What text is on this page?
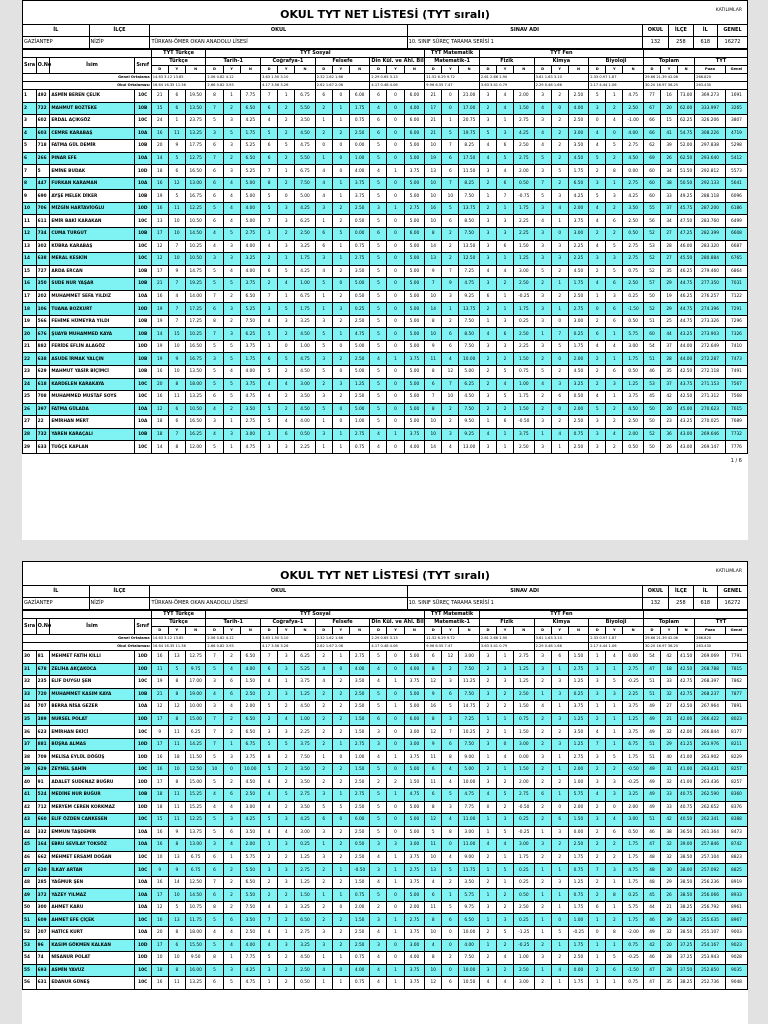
OKUL TYT NET LİSTESİ (TYT sıralı)
İL	İLÇE	OKUL	SINAV ADI	OKUL	İLÇE	İL	GENEL
GAZİANTEP	NİZİP	TÜRKAN-ÖMER OKAN ANADOLU LİSESİ	10. SINIF SÜREÇ TARAMA SERİSİ 1	132	258	618	16272
				TYT Türkçe			TYT Sosyal												TYT Matematik			TYT Fen													
Sıra	O.No	İsim	Sınıf	Türkçe			Tarih-1			Coğrafya-1			Felsefe			Din Kül. ve Ahl. Bil.			Matematik-1			Fizik			Kimya			Biyoloji			Toplam			TYT	
				D	Y	N	D	Y	N	D	Y	N	D	Y	N	D	Y	N	D	Y	N	D	Y	N	D	Y	N	D	Y	N	D	Y	N	Puan	Genel
Genel Ortalama				14.63 3.12 13.85			2.06 0.82 4.12			3.63 1.50 3.10			2.32 1.62 1.66			2.29 0.65 3.13			11.52 6.29 9.72			2.61 2.66 1.90			3.61 1.63 3.10			2.33 0.97 1.87			29.66 21.39 42.06			266.820	
Okul Ortalaması				16.64 16.35 11.36			2.66 0.82 3.93			4.17 3.56 3.26			2.62 1.67 2.06			4.17 0.48 4.06			9.96 6.55 7.47			3.63 3.41 0.79			2.29 0.48 1.66			2.17 4.44 1.06			30.20 16.97 36.25			263.430	
1	492	ASMİN BEREN ÇELİK	10C	21	6	19.50	8	1	7.75	7	1	6.75	6	0	6.00	6	0	6.00	21	0	21.00	3	4	2.00	3	2	2.50	5	1	4.75	77	16	73.00	369.273	1691
2	722	MAHMUT BOZTEKE	10B	15	6	13.50	7	2	6.50	6	2	5.50	2	1	1.75	4	0	4.00	17	0	17.00	2	4	1.50	4	0	4.00	3	2	2.50	67	20	62.00	333.997	3265
3	602	ERDAL AÇIKGÖZ	10C	24	1	23.75	5	3	4.25	4	2	3.50	1	1	0.75	6	0	6.00	21	1	20.75	3	1	2.75	3	2	2.50	0	4	-1.00	66	15	62.25	326.206	3807
4	603	CEMRE KARABAŞ	10A	16	11	13.25	3	5	1.75	5	2	4.50	2	2	2.50	6	0	6.00	21	5	19.75	5	3	4.25	4	2	3.00	4	0	4.00	66	41	54.75	308.226	4719
5	718	FATMA GÜL DEMİR	10B	20	9	17.75	6	3	5.25	6	5	4.75	0	0	0.00	5	0	5.00	10	7	8.25	4	6	2.50	4	2	3.50	4	5	2.75	62	39	52.00	297.838	5298
6	266	PINAR EFE	10A	14	5	12.75	7	2	6.50	6	2	5.50	1	0	1.00	5	0	5.00	19	6	17.50	4	5	2.75	5	2	4.50	5	2	4.50	69	26	62.50	293.640	5412
7	5	EMİNE BUDAK	10D	18	6	16.50	6	3	5.25	7	1	6.75	4	0	4.00	4	1	3.75	13	6	11.50	3	4	2.00	3	5	1.75	2	8	0.00	60	34	51.50	292.812	5573
8	447	FURKAN KARAMAN	10A	16	12	13.00	6	4	5.00	8	2	7.50	4	1	3.75	5	0	5.00	10	7	8.25	2	6	0.50	7	2	6.50	3	1	2.75	60	38	50.50	292.133	5641
9	690	AYŞE MELEK DİKER	10B	19	5	16.75	6	4	5.00	5	0	5.00	4	1	3.75	5	0	5.00	10	10	7.50	1	7	-0.75	5	3	4.25	5	3	4.25	60	33	49.25	288.118	6096
10	706	MİZGİN HARTAVİOĞLU	10D	16	11	12.25	5	4	4.00	5	3	4.25	3	2	2.50	3	1	2.75	16	5	13.75	2	1	1.75	3	4	2.00	4	2	3.50	55	37	45.75	287.200	6186
11	611	EMİR BAKİ KARAKAN	10C	13	10	10.50	6	4	5.00	7	3	6.25	1	2	0.50	5	0	5.00	10	6	8.50	3	3	2.25	4	1	3.75	4	6	2.50	56	34	47.50	283.760	6499
12	734	CUMA TURGUT	10B	17	10	14.50	4	5	2.75	3	2	2.50	6	5	0.00	6	0	6.00	8	2	7.50	3	3	2.25	3	0	3.00	2	2	0.50	52	27	47.25	282.399	6608
13	302	KÜBRA KARABAŞ	10C	12	7	10.25	4	3	4.00	4	3	3.25	6	1	0.75	5	0	5.00	14	2	13.50	3	6	1.50	3	3	2.25	4	5	2.75	53	28	46.00	283.320	6687
14	638	MERAL KESKİN	10C	12	10	10.50	3	3	3.25	2	1	1.75	3	1	2.75	5	0	5.00	13	2	12.50	3	1	1.25	3	3	2.25	3	3	2.75	52	27	45.50	280.884	6765
15	727	ARDA ERCAN	10B	17	9	14.75	5	4	4.00	6	5	4.25	4	2	3.50	5	0	5.00	9	7	7.25	4	4	3.00	5	2	4.50	2	5	0.75	52	35	46.25	279.460	6864
16	350	SUDE NUR YAŞAR	10B	21	7	19.25	5	5	3.75	2	4	1.00	5	0	5.00	5	0	5.00	7	9	4.75	3	2	2.50	2	1	1.75	4	6	2.50	57	29	44.75	277.350	7031
17	202	MUHAMMET SEFA YILDIZ	10A	16	4	14.00	7	2	6.50	7	1	6.75	1	2	0.50	5	0	5.00	10	3	9.25	6	1	-0.25	3	2	2.50	1	3	0.25	50	19	46.25	276.257	7122
18	106	TUANA BOZKURT	10D	19	7	17.25	6	3	5.25	3	5	1.75	1	3	0.25	5	0	5.00	14	1	13.75	2	1	1.75	3	1	2.75	0	6	-1.50	52	29	44.75	274.396	7291
19	566	FEHİME HÜMEYRA YILDI	10B	19	7	17.25	8	2	7.50	4	3	3.25	3	2	2.50	5	0	5.00	8	2	7.50	1	3	0.25	3	0	3.00	2	6	0.50	51	25	44.75	273.326	7296
20	676	ŞUAYB MUHAMMED KAYA	10B	14	15	10.25	7	3	6.25	5	2	4.50	5	1	4.75	5	0	5.00	10	6	8.50	4	6	2.50	1	7	0.25	6	1	5.75	60	44	43.25	273.903	7326
21	882	FERİDE EFLİN ALAGÖZ	10D	19	10	16.50	5	5	3.75	1	0	1.00	5	0	5.00	5	0	5.00	9	6	7.50	3	3	2.25	3	5	1.75	4	4	3.00	54	37	44.00	272.649	7410
22	638	ASUDE İRMAK YALÇIN	10B	19	9	16.75	3	5	1.75	6	5	4.75	3	2	2.50	4	1	3.75	11	4	10.00	2	2	1.50	2	0	2.00	2	1	1.75	51	28	44.00	272.287	7473
23	629	MAHMUT YASİR BİÇİMCİ	10B	16	10	13.50	5	4	4.00	5	2	4.50	5	0	5.00	5	0	5.00	8	12	5.00	2	5	0.75	5	2	4.50	2	6	0.50	46	35	42.50	272.118	7491
24	618	KARDELEN KARAKAYA	10C	20	8	18.00	5	5	3.75	4	4	3.00	2	3	1.25	5	0	5.00	6	7	6.25	2	4	1.00	4	3	3.25	2	3	1.25	53	37	43.75	271.153	7567
25	708	MUHAMMED MUSTAF SOYS	10C	16	11	13.25	6	5	4.75	4	2	3.50	3	2	2.50	5	0	5.00	7	10	4.50	3	5	1.75	2	6	0.50	4	1	3.75	45	42	42.50	271.312	7568
26	397	FATMA GÜLADA	10A	12	6	10.50	4	2	3.50	5	2	4.50	5	0	5.00	5	0	5.00	8	2	7.50	2	2	1.50	2	0	2.00	5	2	4.50	50	20	45.00	270.623	7615
27	22	EMİRHAN MERT	10A	18	6	16.50	3	1	2.75	5	4	4.00	1	0	1.00	5	0	5.00	10	2	9.50	1	6	-0.50	3	2	2.50	3	2	2.50	50	23	43.25	270.025	7689
28	732	YAREN KARAÇALI	10B	18	7	16.25	4	3	3.00	3	6	0.50	3	1	2.75	4	1	3.75	10	3	9.25	4	1	3.75	1	4	0.75	3	4	2.00	52	36	43.00	269.646	7732
29	633	TUĞÇE KAPLAN	10C	14	8	12.00	5	1	4.75	3	3	2.25	1	1	0.75	4	0	4.00	14	4	13.00	3	1	2.50	3	1	2.50	3	2	0.50	50	26	43.00	269.147	7776
1 / 6
KATILIMLAR
OKUL TYT NET LİSTESİ (TYT sıralı)
İL	İLÇE	OKUL	SINAV ADI	OKUL	İLÇE	İL	GENEL
GAZİANTEP	NİZİP	TÜRKAN-ÖMER OKAN ANADOLU LİSESİ	10. SINIF SÜREÇ TARAMA SERİSİ 1	132	258	618	16272
				TYT Türkçe			TYT Sosyal												TYT Matematik			TYT Fen													
Sıra	O.No	İsim	Sınıf	Türkçe			Tarih-1			Coğrafya-1			Felsefe			Din Kül. ve Ahl. Bil.			Matematik-1			Fizik			Kimya			Biyoloji			Toplam			TYT	
				D	Y	N	D	Y	N	D	Y	N	D	Y	N	D	Y	N	D	Y	N	D	Y	N	D	Y	N	D	Y	N	D	Y	N	Puan	Genel
Genel Ortalama				14.63 3.12 13.85			2.06 0.82 4.12			3.63 1.50 3.10			2.32 1.62 1.66			2.29 0.65 3.13			11.52 6.29 9.72			2.61 2.66 1.90			3.61 1.63 3.10			2.33 0.97 1.87			29.66 21.39 42.06			266.820	
Okul Ortalaması				16.64 16.35 11.36			2.66 0.82 3.93			4.17 3.56 3.26			2.62 1.67 2.06			4.17 0.48 4.06			9.96 6.55 7.47			3.63 3.41 0.79			2.29 0.48 1.66			2.17 4.44 1.06			30.20 16.97 36.25			263.430	
30	81	MEHMET FATİH KILLI	10D	16	13	12.75	7	2	6.50	7	3	6.25	2	1	2.75	5	0	5.00	6	12	3.00	3	1	2.75	3	6	1.50	1	4	0.00	54	42	41.50	269.069	7791
31	678	ZELİHA AKÇAKOCA	10D	11	5	9.75	5	4	4.00	6	3	5.25	4	0	4.00	4	0	4.00	8	2	7.50	2	3	1.25	3	1	2.75	3	1	2.75	47	18	42.50	268.788	7815
32	235	ELİF DUYGU ŞEN	10C	19	8	17.00	3	6	1.50	4	1	3.75	4	2	3.50	4	1	3.75	12	3	11.25	2	3	1.25	2	3	1.25	3	5	-0.25	51	33	42.75	268.397	7862
33	720	MUHAMMET KASIM KAYA	10B	21	8	19.00	4	6	2.50	2	3	1.25	2	2	2.50	5	0	5.00	9	6	7.50	3	2	2.50	1	3	0.25	3	3	2.25	51	32	42.75	268.237	7877
34	707	BERRA NİSA GEZER	10A	12	12	10.00	3	4	2.00	5	2	4.50	2	2	2.50	5	1	5.00	16	5	14.75	2	2	1.50	4	1	3.75	1	1	3.75	49	27	42.50	267.964	7891
35	389	NURSEL POLAT	10D	17	8	15.00	7	2	6.50	2	4	1.00	2	2	1.50	6	0	6.00	8	3	7.25	1	1	0.75	2	3	1.25	2	1	1.25	49	21	42.00	266.422	8023
36	623	EMİRHAN EKİCİ	10C	9	11	6.25	7	2	6.50	3	3	2.25	2	2	1.50	3	0	3.00	12	7	10.25	2	1	1.50	2	2	3.50	4	1	3.75	49	32	42.00	266.844	8177
37	881	BÜŞRA ALMAS	10D	17	11	14.25	7	1	6.75	5	5	3.75	2	1	2.75	3	0	3.00	9	6	7.50	3	0	3.00	2	3	1.25	7	1	6.75	51	29	41.25	263.976	8211
38	709	MELİSA EYLÜL DÖĞÜŞ	10D	16	18	11.50	5	3	3.75	8	2	7.50	1	0	1.00	4	1	3.75	11	8	9.00	1	4	0.00	3	1	2.75	3	5	1.75	51	40	41.00	263.902	8229
39	629	ZEYNEL ŞAHİN	10C	16	10	12.50	10	0	10.00	5	2	3.50	2	2	1.50	5	0	5.00	6	4	5.00	2	1	1.50	2	1	2.00	2	2	-0.50	49	31	41.00	263.431	8257
40	91	ADALET SUDENAZ BUĞRU	10D	17	8	15.00	5	2	4.50	4	2	3.50	2	2	2.50	2	2	1.50	11	4	10.00	3	2	2.00	2	2	1.00	3	3	-0.25	49	32	41.00	263.436	8257
41	524	MEDİNE NUR BUĞUR	10B	18	11	15.25	4	6	2.50	4	5	2.75	3	1	2.75	5	1	4.75	6	5	4.75	4	5	2.75	6	1	5.75	4	3	3.25	49	33	40.75	262.590	8360
42	712	MERYEM CEREN KORKMAZ	10D	18	11	15.25	4	4	3.00	4	2	3.50	5	5	2.50	5	0	5.00	8	3	7.75	0	2	-0.50	2	0	2.00	2	0	2.00	49	33	40.75	262.652	8376
43	660	ELİF ÖZDEN CANKESEN	10C	15	11	12.25	5	3	4.25	5	3	4.25	6	0	6.00	5	0	5.00	12	4	11.00	1	3	0.25	2	6	1.50	3	4	3.00	51	42	40.50	262.341	8388
44	332	EMMUN TAŞDEMİR	10A	16	9	13.75	5	6	3.50	4	4	3.00	3	2	2.50	5	0	5.00	5	8	3.00	1	5	-0.25	1	3	0.00	2	6	0.50	46	38	36.50	261.364	8473
45	164	EBRU SEVİLAY TOKSÖZ	10A	16	8	13.00	3	4	2.00	1	3	0.25	1	2	0.50	3	3	3.00	11	0	11.00	4	4	3.00	3	2	2.50	2	2	1.75	47	32	39.00	257.846	8742
46	662	MEHMET ERSAMİ DOĞAN	10C	10	13	6.75	6	1	5.75	2	2	1.25	3	2	2.50	4	1	3.75	10	4	9.00	2	1	1.75	2	2	1.75	2	2	1.75	48	32	38.50	257.104	8823
47	620	İLKAY ARTAN	10C	9	9	6.75	6	2	5.50	3	3	2.75	2	1	-0.50	3	1	2.75	13	5	11.75	1	5	0.25	1	1	0.75	7	3	4.75	48	30	38.00	257.092	8825
48	285	YAĞMUR ŞEN	10A	16	14	12.50	7	2	6.50	2	3	1.25	2	2	1.50	4	1	3.75	4	2	3.50	2	1	0.25	2	3	1.25	2	1	1.75	48	29	38.50	256.236	8919
49	372	YAZEY YILMAZ	10A	17	10	14.50	6	2	5.50	2	2	1.50	1	1	0.75	5	0	5.00	6	1	5.75	1	2	0.50	1	1	0.75	2	8	0.25	45	26	38.50	256.066	8933
50	300	AHMET KARU	10A	12	5	10.75	8	2	7.50	4	3	3.25	2	0	2.00	2	0	2.00	11	5	9.75	3	2	2.50	2	1	1.75	6	1	5.75	44	21	38.25	256.792	8961
51	609	AHMET EFE ÇİÇEK	10C	16	13	11.75	5	6	3.50	7	2	6.50	2	2	1.50	3	1	2.75	8	6	6.50	1	3	0.25	1	0	1.00	1	2	1.75	46	39	38.25	255.635	8967
52	207	HATİCE KURT	10A	20	8	18.00	4	4	2.50	4	1	2.75	3	2	2.50	4	1	3.75	10	0	10.00	2	5	-1.25	1	5	-0.25	0	8	-2.00	49	32	38.50	255.107	9003
53	96	KASIM GÖKMEN KALKAN	10D	17	6	15.50	5	4	4.00	4	3	3.25	3	2	2.50	3	0	3.00	4	0	4.00	1	2	-0.25	2	1	1.75	1	1	0.75	42	20	37.25	254.167	9023
54	74	NİSANUR POLAT	10D	10	10	9.50	8	1	7.75	5	2	4.50	1	1	0.75	4	0	4.00	8	2	7.50	2	4	1.00	3	2	2.50	1	5	-0.25	46	28	37.25	253.943	9028
55	693	ASMİN YAVUZ	10C	18	8	16.00	5	3	4.25	3	2	2.50	4	0	4.00	4	1	3.75	10	0	10.00	3	2	2.50	1	4	0.00	2	6	-1.50	47	28	37.50	252.850	9035
56	631	EDANUR GÜNEŞ	10C	16	11	13.25	6	5	4.75	1	2	0.50	1	1	0.75	4	1	3.75	12	6	10.50	4	4	3.00	2	1	1.75	1	1	0.75	47	35	38.25	252.736	9048
KATILIMLAR
